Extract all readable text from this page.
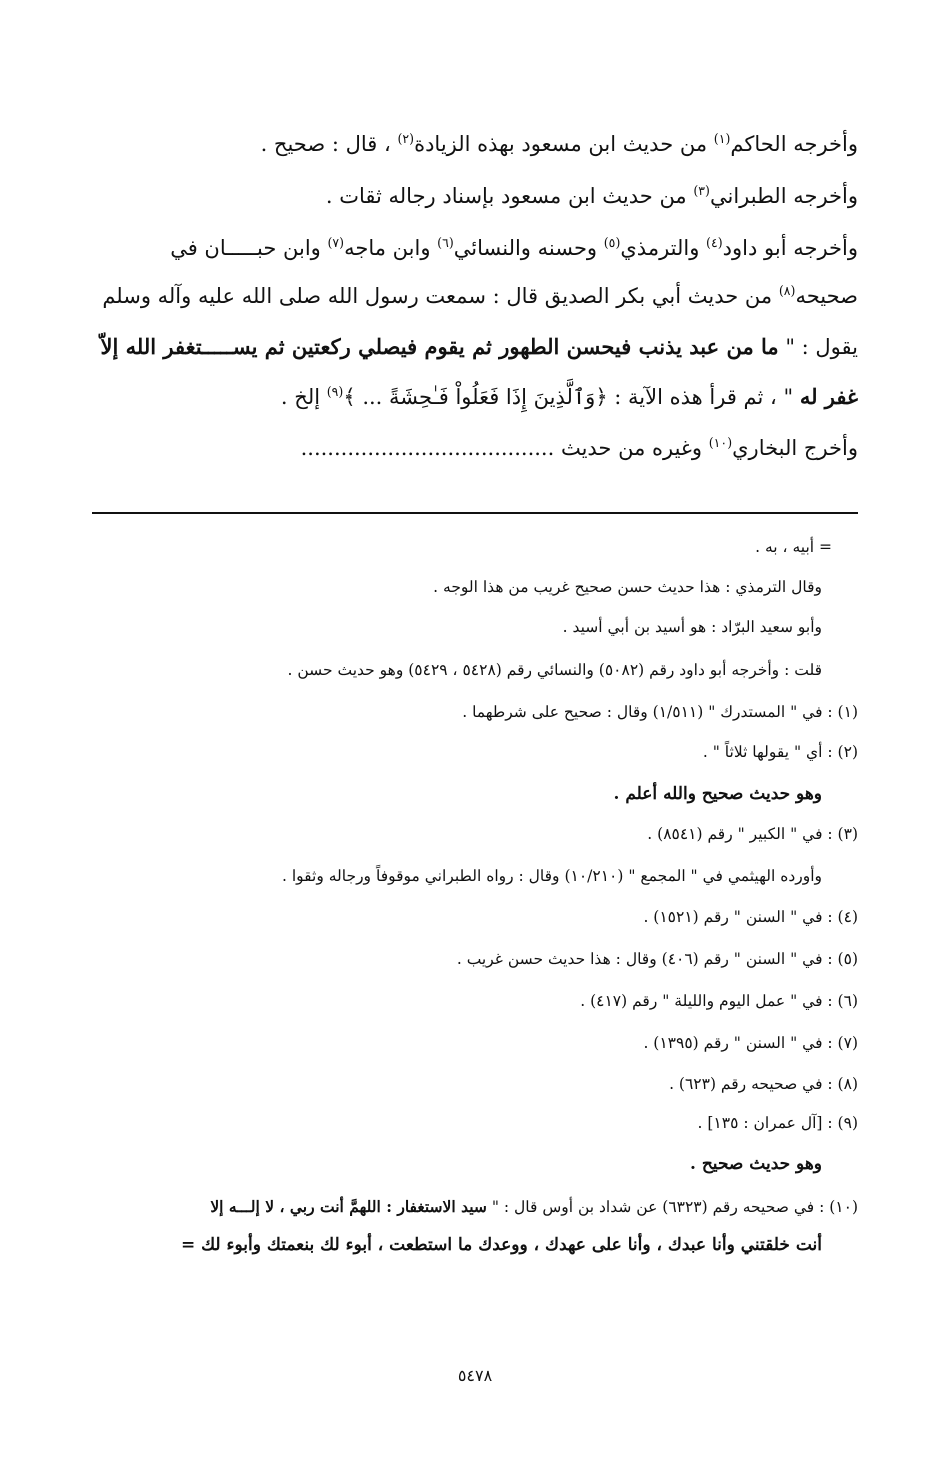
وأخرجه الحاكم$^{(١)}$ من حديث ابن مسعود بهذه الزيادة$^{(٢)}$ ، قال : صحيح .
وأخرجه الطبراني$^{(٣)}$ من حديث ابن مسعود بإسناد رجاله ثقات .
وأخرجه أبو داود$^{(٤)}$ والترمذي$^{(٥)}$ وحسنه والنسائي$^{(٦)}$ وابن ماجه$^{(٧)}$ وابن حبـــــان في
صحيحه$^{(٨)}$ من حديث أبي بكر الصديق قال : سمعت رسول الله صلى الله عليه وآله وسلم
يقول : " ما من عبد يذنب فيحسن الطهور ثم يقوم فيصلي ركعتين ثم يســـــتغفر الله إلاّ
غفر له " ، ثم قرأ هذه الآية : ﴿وَٱلَّذِينَ إِذَا فَعَلُواْ فَـٰحِشَةً ... ﴾$^{(٩)}$ إلخ .
وأخرج البخاري$^{(١٠)}$ وغيره من حديث ......................................
= أبيه ، به .
وقال الترمذي : هذا حديث حسن صحيح غريب من هذا الوجه .
وأبو سعيد البرّاد : هو أسيد بن أبي أسيد .
قلت : وأخرجه أبو داود رقم (٥٠٨٢) والنسائي رقم (٥٤٢٨ ، ٥٤٢٩) وهو حديث حسن .
(١) : في " المستدرك " (١/٥١١) وقال : صحيح على شرطهما .
(٢) : أي " يقولها ثلاثاً " .
وهو حديث صحيح والله أعلم .
(٣) : في " الكبير " رقم (٨٥٤١) .
وأورده الهيثمي في " المجمع " (١٠/٢١٠) وقال : رواه الطبراني موقوفاً ورجاله وثقوا .
(٤) : في " السنن " رقم (١٥٢١) .
(٥) : في " السنن " رقم (٤٠٦) وقال : هذا حديث حسن غريب .
(٦) : في " عمل اليوم والليلة " رقم (٤١٧) .
(٧) : في " السنن " رقم (١٣٩٥) .
(٨) : في صحيحه رقم (٦٢٣) .
(٩) : [آل عمران : ١٣٥] .
وهو حديث صحيح .
(١٠) : في صحيحه رقم (٦٣٢٣) عن شداد بن أوس قال : " سيد الاستغفار : اللهمَّ أنت ربي ، لا إلـــه إلا
أنت خلقتني وأنا عبدك ، وأنا على عهدك ، ووعدك ما استطعت ، أبوء لك بنعمتك وأبوء لك =
٥٤٧٨
